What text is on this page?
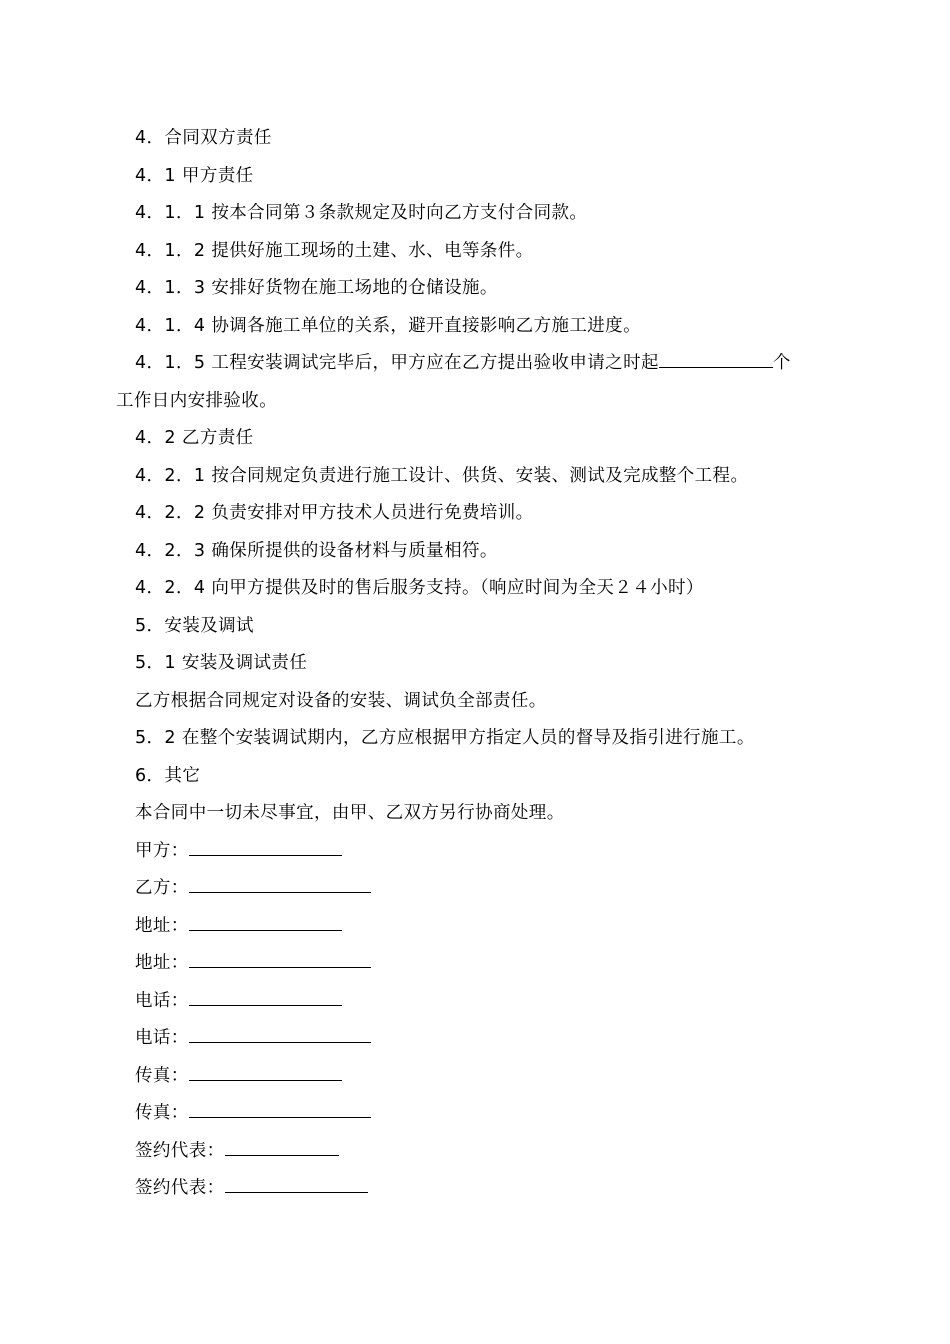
4．合同双方责任
4．1 甲方责任
4．1．1 按本合同第３条款规定及时向乙方支付合同款。
4．1．2 提供好施工现场的土建、水、电等条件。
4．1．3 安排好货物在施工场地的仓储设施。
4．1．4 协调各施工单位的关系，避开直接影响乙方施工进度。
4．1．5 工程安装调试完毕后，甲方应在乙方提出验收申请之时起	个
工作日内安排验收。
4．2 乙方责任
4．2．1 按合同规定负责进行施工设计、供货、安装、测试及完成整个工程。
4．2．2 负责安排对甲方技术人员进行免费培训。
4．2．3 确保所提供的设备材料与质量相符。
4．2．4 向甲方提供及时的售后服务支持。（响应时间为全天２４小时）
5．安装及调试
5．1 安装及调试责任
乙方根据合同规定对设备的安装、调试负全部责任。
5．2 在整个安装调试期内，乙方应根据甲方指定人员的督导及指引进行施工。
6．其它
本合同中一切未尽事宜，由甲、乙双方另行协商处理。
甲方：
乙方：
地址：
地址：
电话：
电话：
传真：
传真：
签约代表：
签约代表：
